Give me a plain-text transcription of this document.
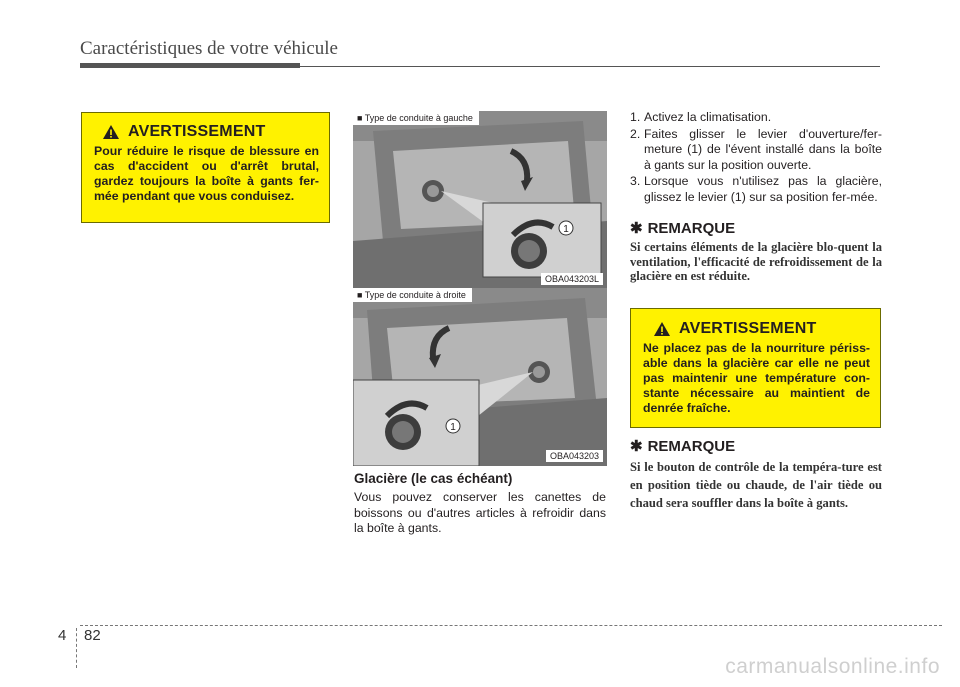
Caractéristiques de votre véhicule
AVERTISSEMENT
Pour réduire le risque de blessure en cas d'accident ou d'arrêt brutal, gardez toujours la boîte à gants fer-mée pendant que vous conduisez.
1
■ Type de conduite à gauche
OBA043203L
1
■ Type de conduite à droite
OBA043203
Glacière (le cas échéant)
Vous pouvez conserver les canettes de boissons ou d'autres articles à refroidir dans la boîte à gants.
1. Activez la climatisation.
2. Faites glisser le levier d'ouverture/fer-meture (1) de l'évent installé dans la boîte à gants sur la position ouverte.
3. Lorsque vous n'utilisez pas la glacière, glissez le levier (1) sur sa position fer-mée.
✱ REMARQUE
Si certains éléments de la glacière blo-quent la ventilation, l'efficacité de refroidissement de la glacière en est réduite.
AVERTISSEMENT
Ne placez pas de la nourriture périss-able dans la glacière car elle ne peut pas maintenir une température con-stante nécessaire au maintient de denrée fraîche.
✱ REMARQUE
Si le bouton de contrôle de la tempéra-ture est en position tiède ou chaude, de l'air tiède ou chaud sera souffler dans la boîte à gants.
4 82
carmanualsonline.info
